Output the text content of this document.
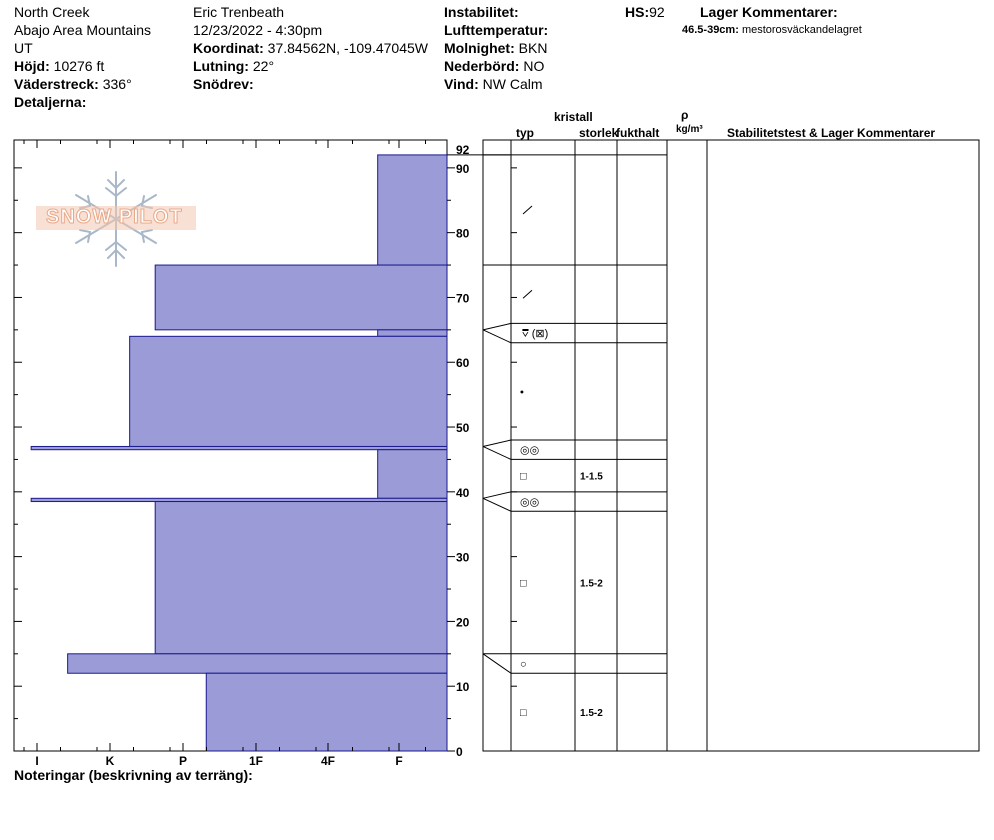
North Creek
Abajo Area Mountains
UT
Höjd: 10276 ft
Väderstreck: 336°
Detaljerna:
Eric Trenbeath
12/23/2022 - 4:30pm
Koordinat: 37.84562N, -109.47045W
Lutning: 22°
Snödrev:
Instabilitet:
Lufttemperatur:
Molnighet: BKN
Nederbörd: NO
Vind: NW Calm
HS:92	Lager Kommentarer:
46.5-39cm: mestorosväckandelagret
kristall
typ	storlek
fukthalt
ρ
kg/m³ Stabilitetstest & Lager Kommentarer
SNOW PILOT
I	K	P	1F	4F	F
0
10
20
30
40
50
60
70
80
90
92
⩢ (⊠)
•
◎◎
□	1-1.5
◎◎
□	1.5-2
○
□	1.5-2
Noteringar (beskrivning av terräng):
